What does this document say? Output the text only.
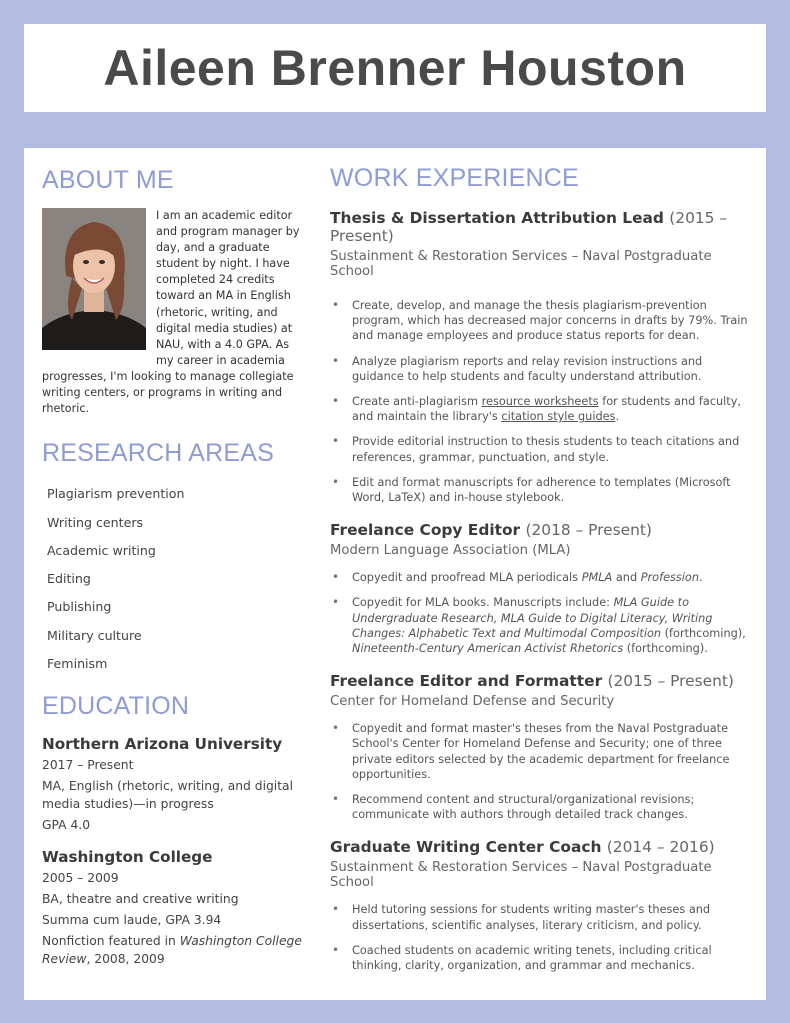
Aileen Brenner Houston
ABOUT ME

I am an academic editor and program manager by day, and a graduate student by night. I have completed 24 credits toward an MA in English (rhetoric, writing, and digital media studies) at NAU, with a 4.0 GPA. As my career in academia progresses, I'm looking to manage collegiate writing centers, or programs in writing and rhetoric.

RESEARCH AREAS
Plagiarism prevention
Writing centers
Academic writing
Editing
Publishing
Military culture
Feminism
EDUCATION

Northern Arizona University

2017 – Present

MA, English (rhetoric, writing, and digital media studies)—in progress

GPA 4.0

Washington College

2005 – 2009

BA, theatre and creative writing

Summa cum laude, GPA 3.94

Nonfiction featured in Washington College Review, 2008, 2009

WORK EXPERIENCE

Thesis & Dissertation Attribution Lead (2015 – Present)

Sustainment & Restoration Services – Naval Postgraduate School

• Create, develop, and manage the thesis plagiarism-prevention program, which has decreased major concerns in drafts by 79%. Train and manage employees and produce status reports for dean.
• Analyze plagiarism reports and relay revision instructions and guidance to help students and faculty understand attribution.
• Create anti-plagiarism resource worksheets for students and faculty, and maintain the library's citation style guides.
• Provide editorial instruction to thesis students to teach citations and references, grammar, punctuation, and style.
• Edit and format manuscripts for adherence to templates (Microsoft Word, LaTeX) and in-house stylebook.

Freelance Copy Editor (2018 – Present)

Modern Language Association (MLA)

• Copyedit and proofread MLA periodicals PMLA and Profession.
• Copyedit for MLA books. Manuscripts include: MLA Guide to Undergraduate Research, MLA Guide to Digital Literacy, Writing Changes: Alphabetic Text and Multimodal Composition (forthcoming), Nineteenth-Century American Activist Rhetorics (forthcoming).

Freelance Editor and Formatter (2015 – Present)

Center for Homeland Defense and Security

• Copyedit and format master's theses from the Naval Postgraduate School's Center for Homeland Defense and Security; one of three private editors selected by the academic department for freelance opportunities.
• Recommend content and structural/organizational revisions; communicate with authors through detailed track changes.

Graduate Writing Center Coach (2014 – 2016)

Sustainment & Restoration Services – Naval Postgraduate School

• Held tutoring sessions for students writing master's theses and dissertations, scientific analyses, literary criticism, and policy.
• Coached students on academic writing tenets, including critical thinking, clarity, organization, and grammar and mechanics.
